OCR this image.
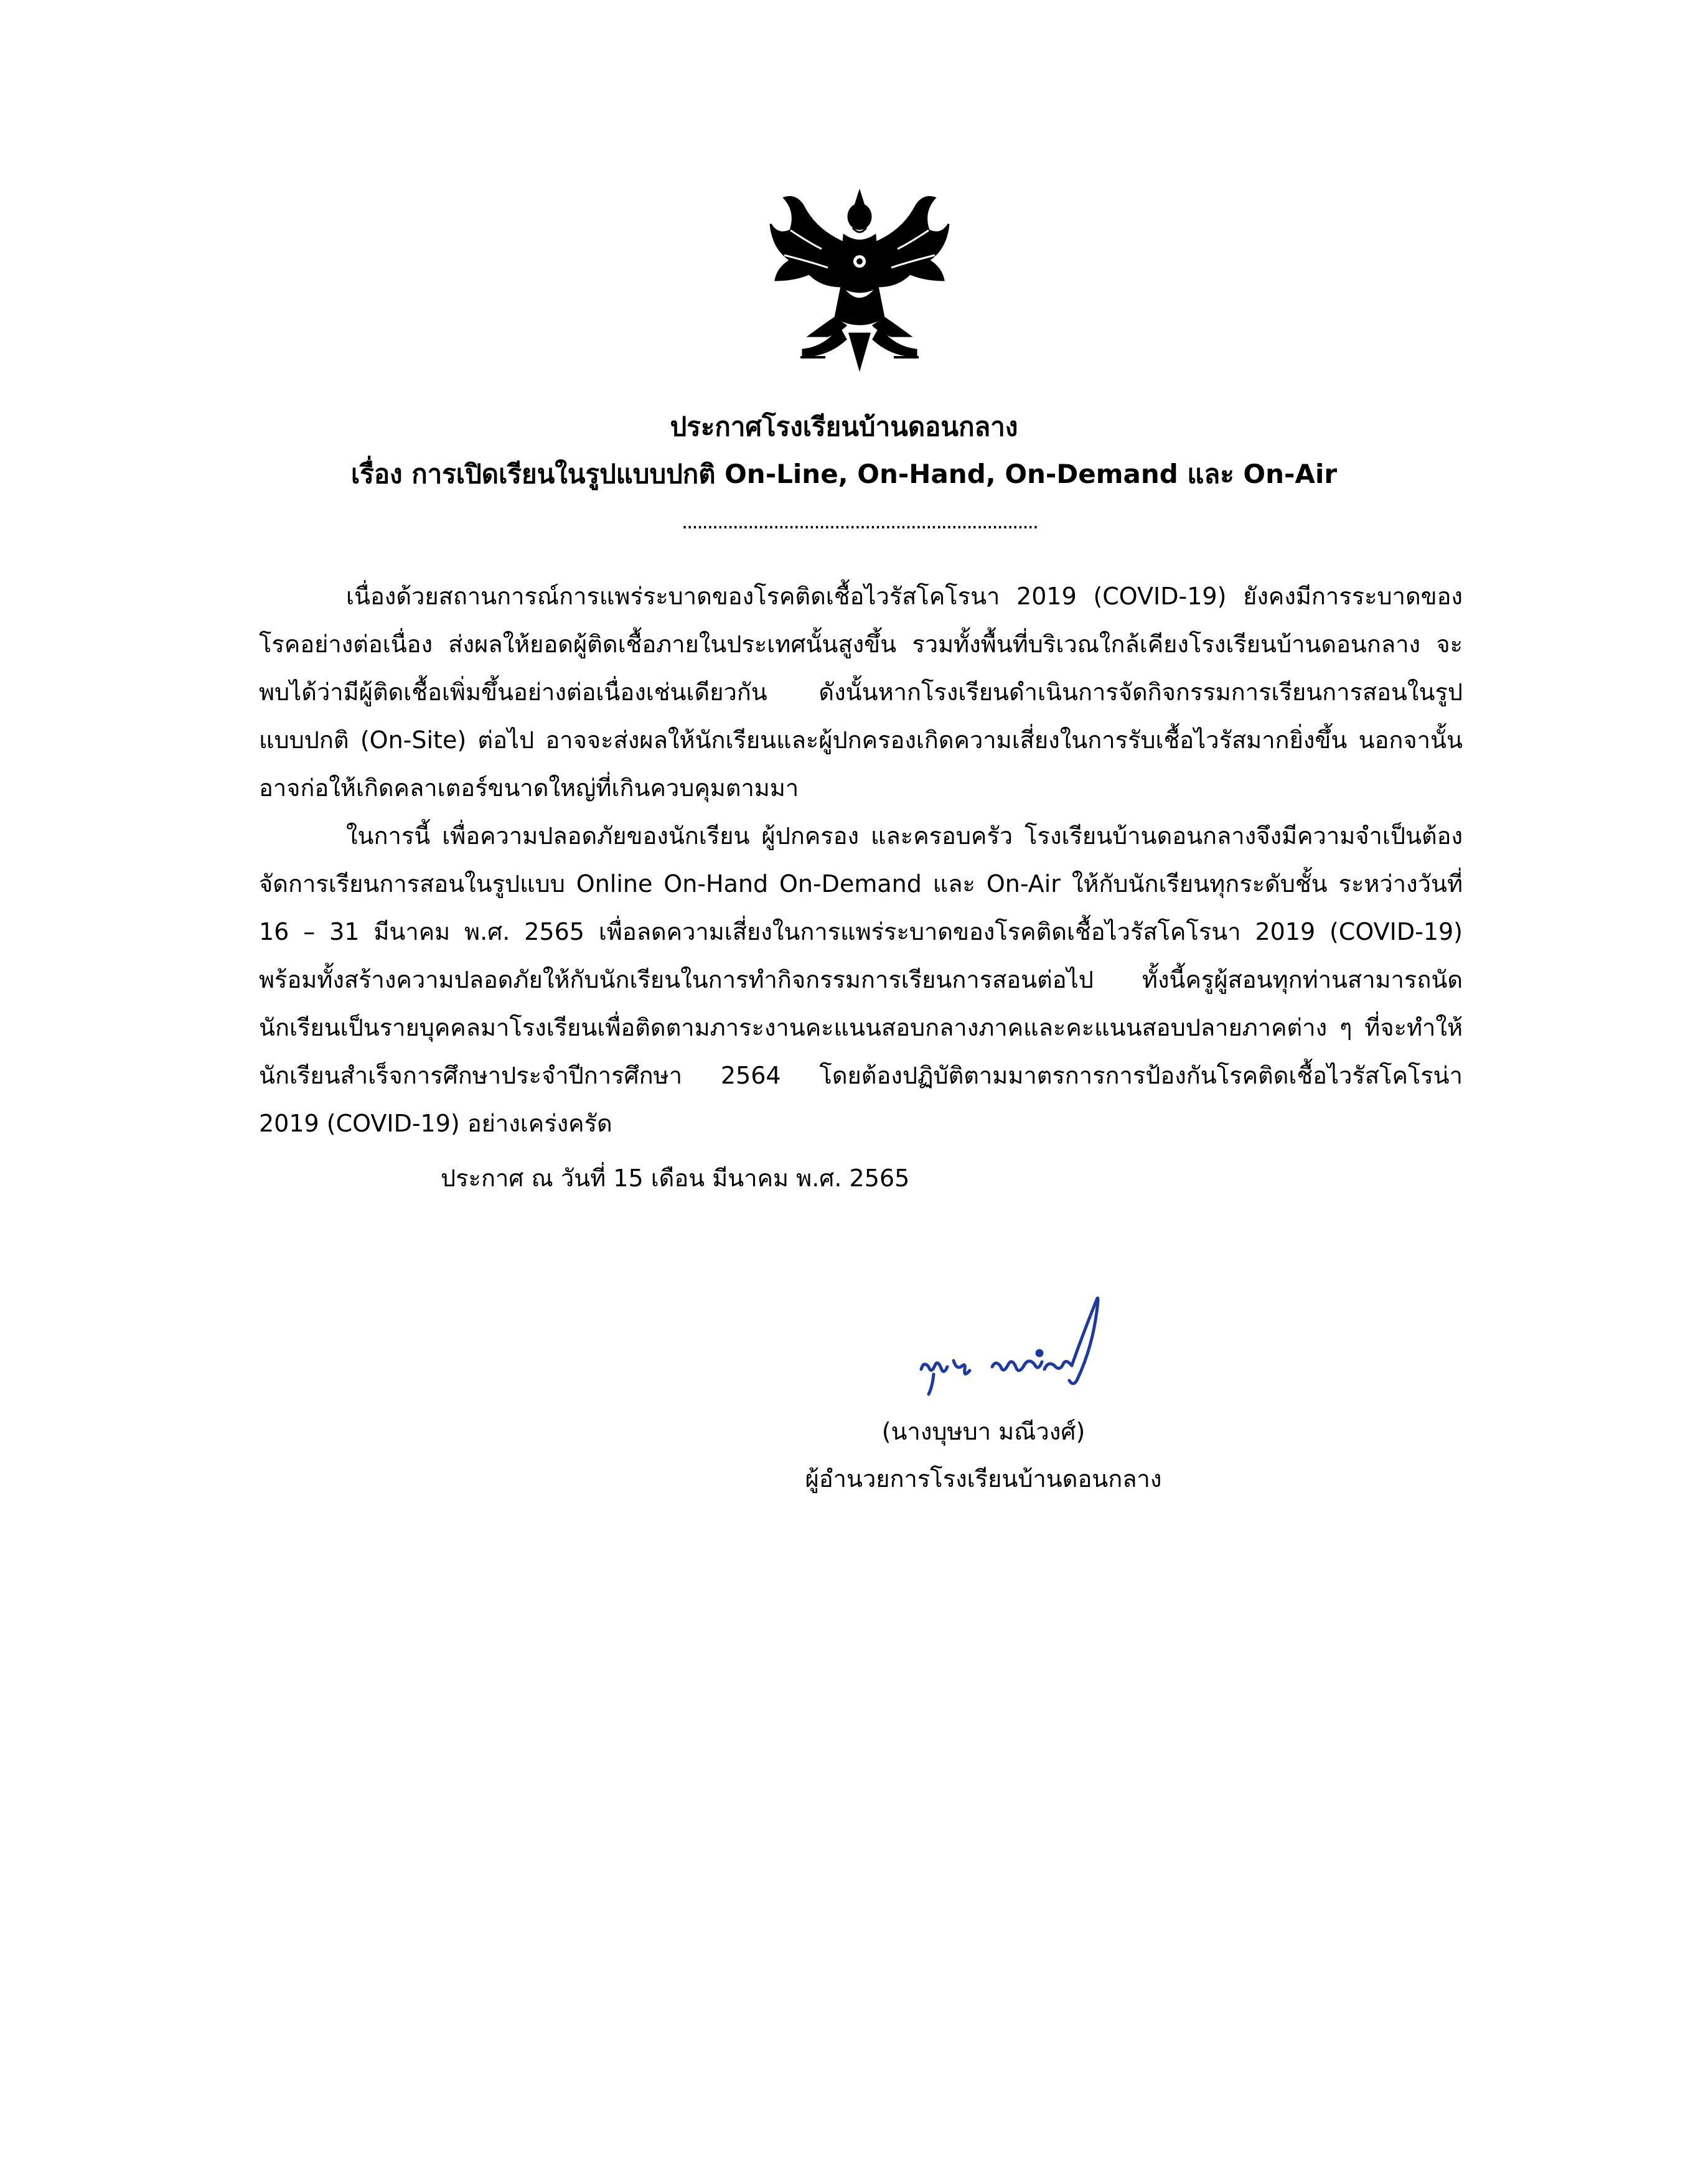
ประกาศโรงเรียนบ้านดอนกลาง
เรื่อง การเปิดเรียนในรูปแบบปกติ On-Line, On-Hand, On-Demand และ On-Air
......................................................................

เนื่องด้วยสถานการณ์การแพร่ระบาดของโรคติดเชื้อไวรัสโคโรนา 2019 (COVID-19) ยังคงมีการระบาดของโรคอย่างต่อเนื่อง ส่งผลให้ยอดผู้ติดเชื้อภายในประเทศนั้นสูงขึ้น รวมทั้งพื้นที่บริเวณใกล้เคียงโรงเรียนบ้านดอนกลาง จะพบได้ว่ามีผู้ติดเชื้อเพิ่มขึ้นอย่างต่อเนื่องเช่นเดียวกัน ดังนั้นหากโรงเรียนดำเนินการจัดกิจกรรมการเรียนการสอนในรูปแบบปกติ (On-Site) ต่อไป อาจจะส่งผลให้นักเรียนและผู้ปกครองเกิดความเสี่ยงในการรับเชื้อไวรัสมากยิ่งขึ้น นอกจานั้นอาจก่อให้เกิดคลาเตอร์ขนาดใหญ่ที่เกินควบคุมตามมา

ในการนี้ เพื่อความปลอดภัยของนักเรียน ผู้ปกครอง และครอบครัว โรงเรียนบ้านดอนกลางจึงมีความจำเป็นต้องจัดการเรียนการสอนในรูปแบบ Online On-Hand On-Demand และ On-Air ให้กับนักเรียนทุกระดับชั้น ระหว่างวันที่ 16 – 31 มีนาคม พ.ศ. 2565 เพื่อลดความเสี่ยงในการแพร่ระบาดของโรคติดเชื้อไวรัสโคโรนา 2019 (COVID-19) พร้อมทั้งสร้างความปลอดภัยให้กับนักเรียนในการทำกิจกรรมการเรียนการสอนต่อไป ทั้งนี้ครูผู้สอนทุกท่านสามารถนัดนักเรียนเป็นรายบุคคลมาโรงเรียนเพื่อติดตามภาระงานคะแนนสอบกลางภาคและคะแนนสอบปลายภาคต่าง ๆ ที่จะทำให้นักเรียนสำเร็จการศึกษาประจำปีการศึกษา 2564 โดยต้องปฏิบัติตามมาตรการการป้องกันโรคติดเชื้อไวรัสโคโรน่า 2019 (COVID-19) อย่างเคร่งครัด

ประกาศ ณ วันที่ 15 เดือน มีนาคม พ.ศ. 2565
(นางบุษบา มณีวงศ์)
ผู้อำนวยการโรงเรียนบ้านดอนกลาง
